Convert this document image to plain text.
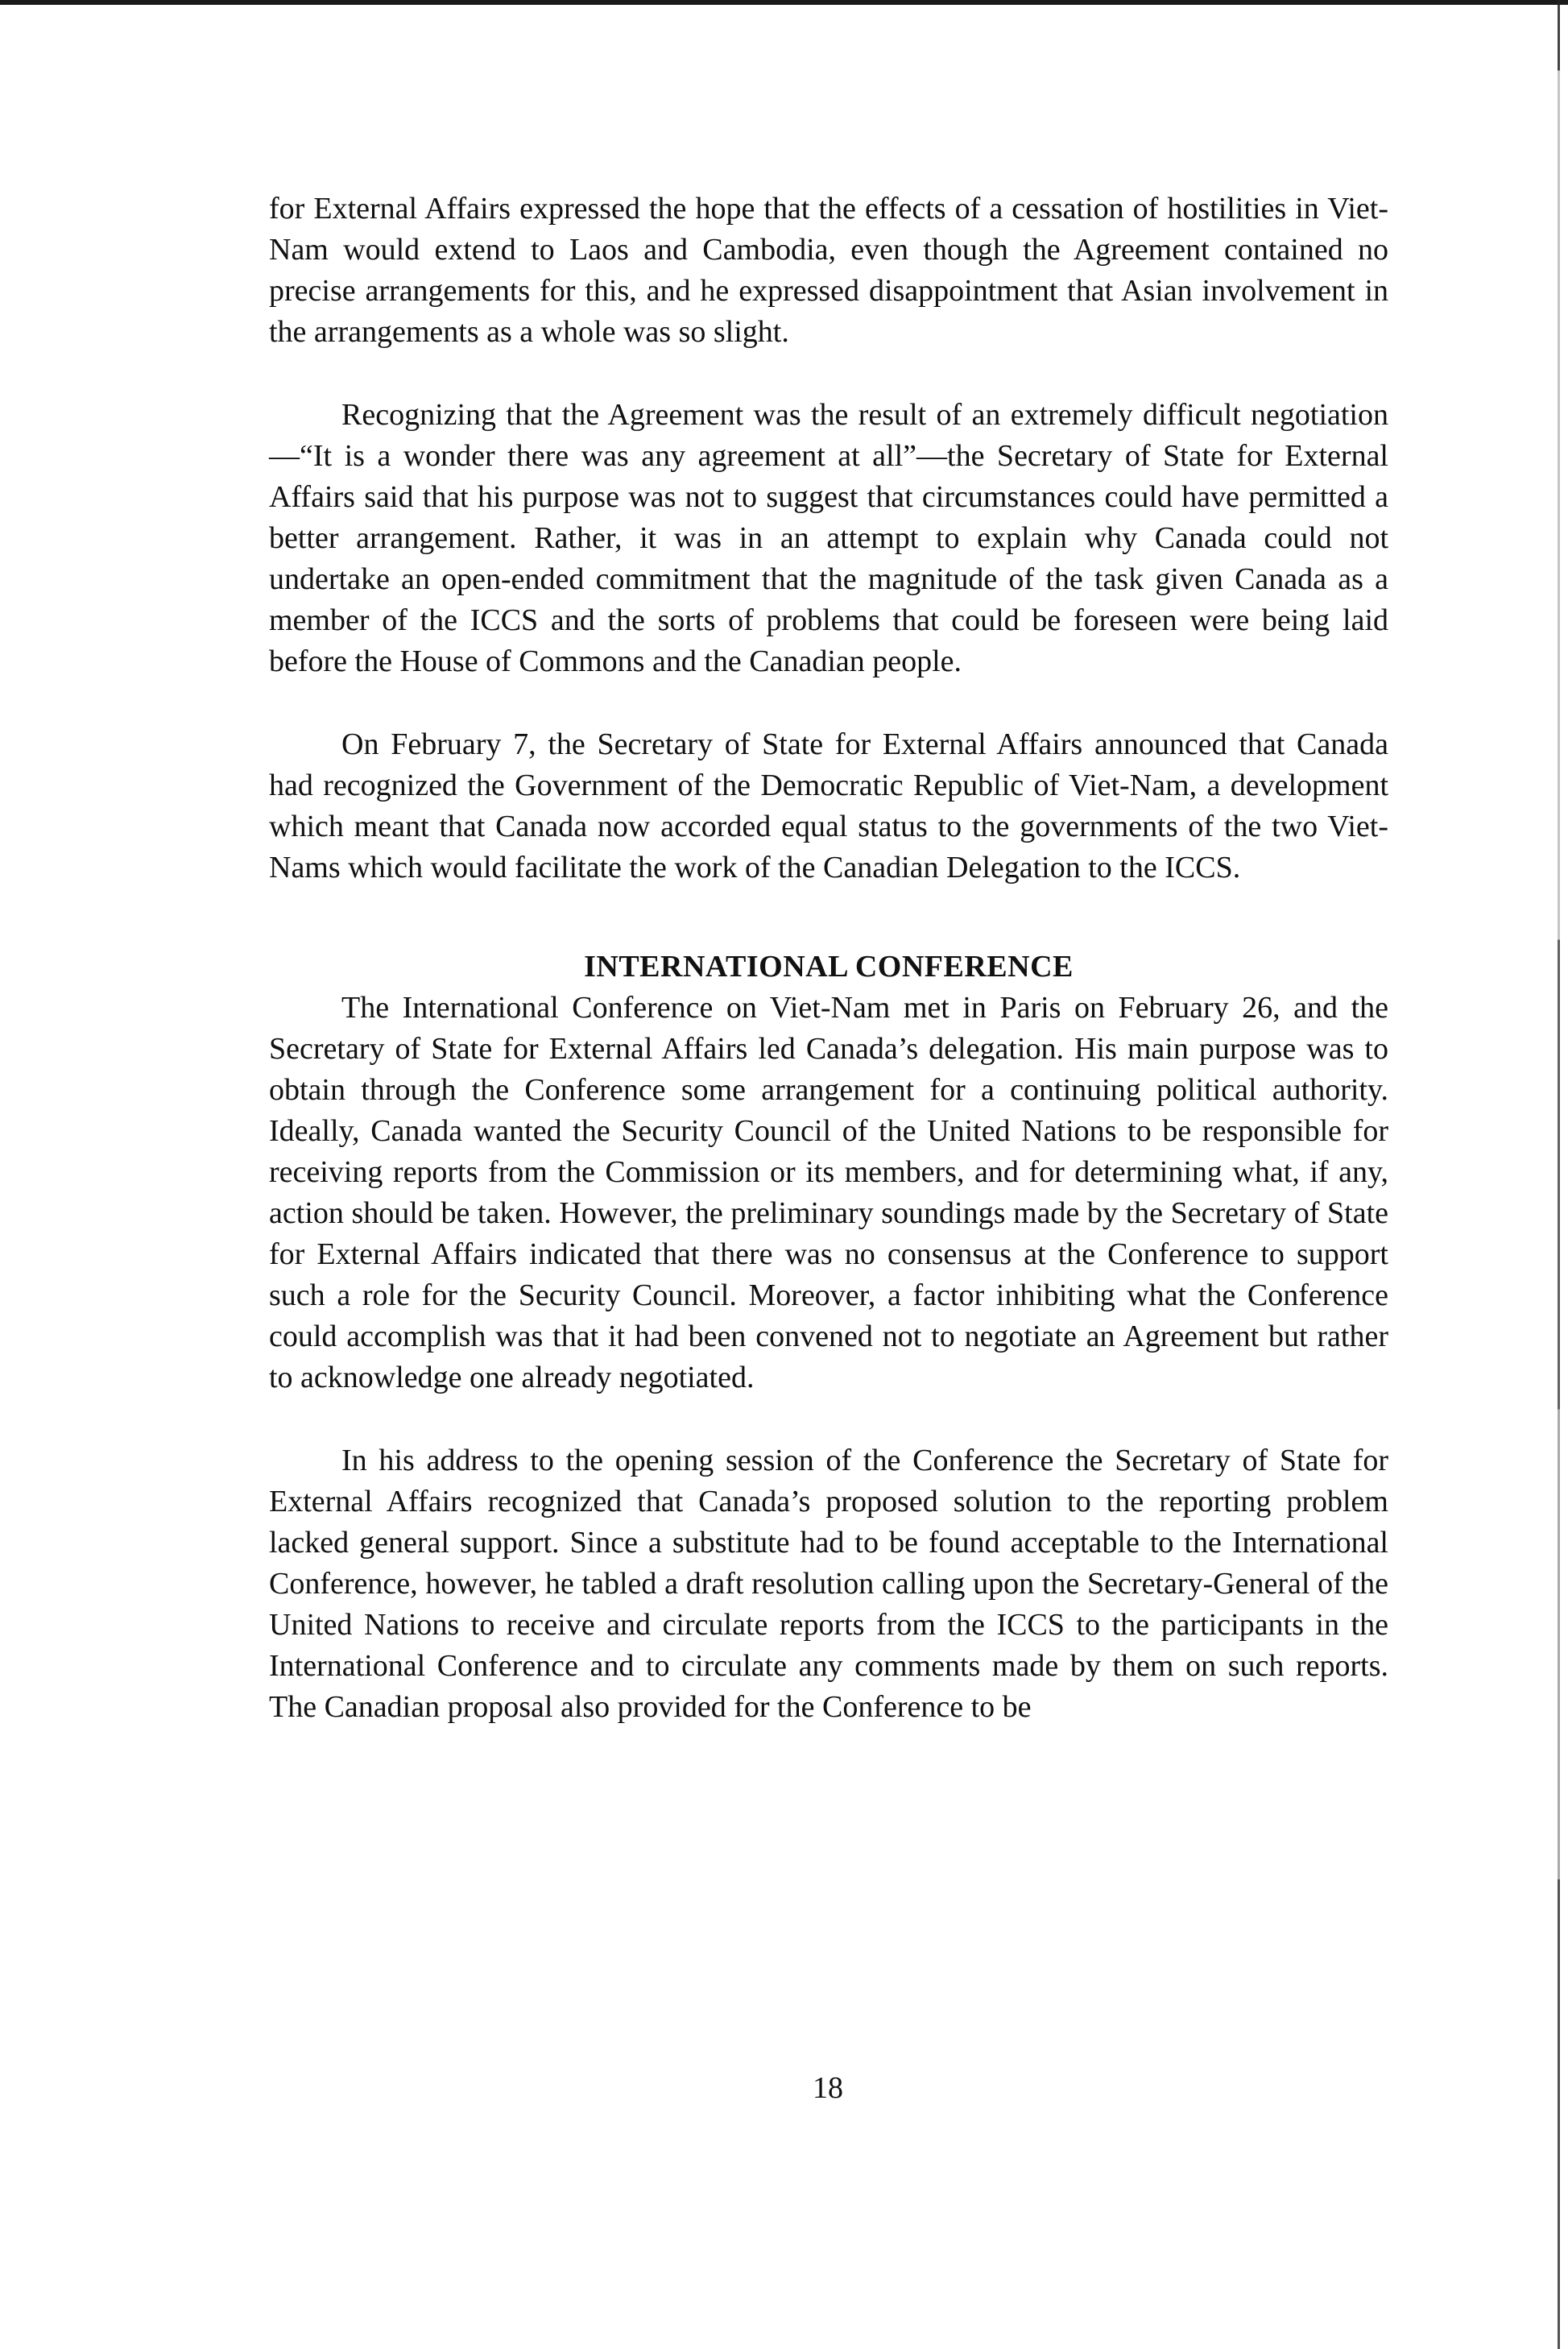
for External Affairs expressed the hope that the effects of a cessation of hostilities in Viet-Nam would extend to Laos and Cambodia, even though the Agreement contained no precise arrangements for this, and he expressed disappointment that Asian involvement in the arrangements as a whole was so slight.

Recognizing that the Agreement was the result of an extremely difficult negotiation—“It is a wonder there was any agreement at all”—the Secretary of State for External Affairs said that his purpose was not to suggest that circumstances could have permitted a better arrangement. Rather, it was in an attempt to explain why Canada could not undertake an open-ended commitment that the magnitude of the task given Canada as a member of the ICCS and the sorts of problems that could be foreseen were being laid before the House of Commons and the Canadian people.

On February 7, the Secretary of State for External Affairs announced that Canada had recognized the Government of the Democratic Republic of Viet-Nam, a development which meant that Canada now accorded equal status to the governments of the two Viet-Nams which would facilitate the work of the Canadian Delegation to the ICCS.

INTERNATIONAL CONFERENCE

The International Conference on Viet-Nam met in Paris on February 26, and the Secretary of State for External Affairs led Canada’s delegation. His main purpose was to obtain through the Conference some arrangement for a continuing political authority. Ideally, Canada wanted the Security Council of the United Nations to be responsible for receiving reports from the Commission or its members, and for determining what, if any, action should be taken. However, the preliminary soundings made by the Secretary of State for External Affairs indicated that there was no consensus at the Conference to support such a role for the Security Council. Moreover, a factor inhibiting what the Conference could accomplish was that it had been convened not to negotiate an Agreement but rather to acknowledge one already negotiated.

In his address to the opening session of the Conference the Secretary of State for External Affairs recognized that Canada’s proposed solution to the reporting problem lacked general support. Since a substitute had to be found acceptable to the International Conference, however, he tabled a draft resolution calling upon the Secretary-General of the United Nations to receive and circulate reports from the ICCS to the participants in the International Conference and to circulate any comments made by them on such reports. The Canadian proposal also provided for the Conference to be

18
